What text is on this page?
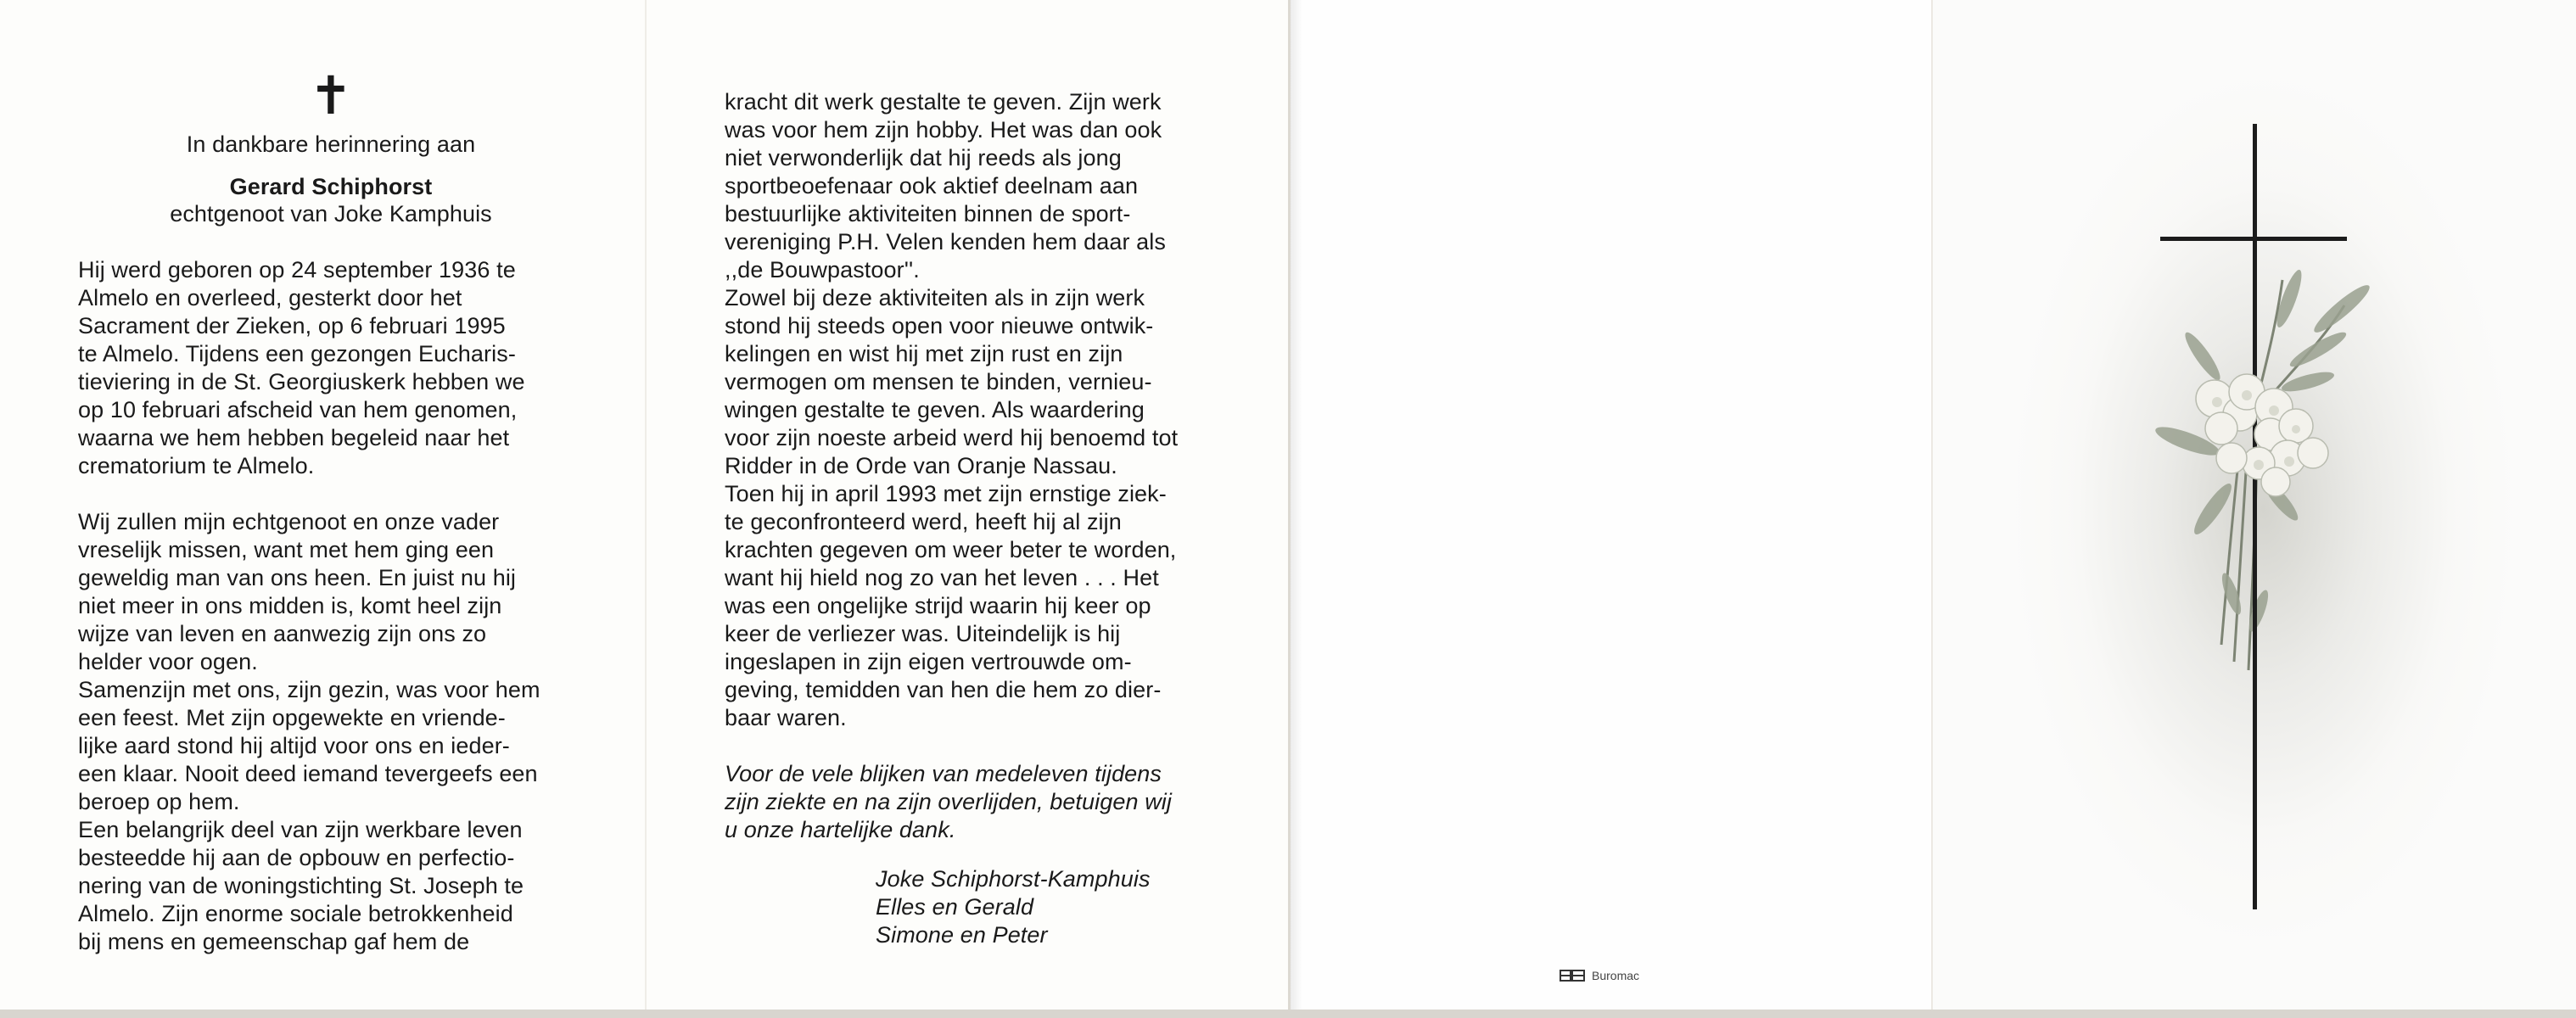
✝
In dankbare herinnering aan
Gerard Schiphorst
echtgenoot van Joke Kamphuis
Hij werd geboren op 24 september 1936 te
Almelo en overleed, gesterkt door het
Sacrament der Zieken, op 6 februari 1995
te Almelo. Tijdens een gezongen Eucharis-
tieviering in de St. Georgiuskerk hebben we
op 10 februari afscheid van hem genomen,
waarna we hem hebben begeleid naar het
crematorium te Almelo.
Wij zullen mijn echtgenoot en onze vader
vreselijk missen, want met hem ging een
geweldig man van ons heen. En juist nu hij
niet meer in ons midden is, komt heel zijn
wijze van leven en aanwezig zijn ons zo
helder voor ogen.
Samenzijn met ons, zijn gezin, was voor hem
een feest. Met zijn opgewekte en vriende-
lijke aard stond hij altijd voor ons en ieder-
een klaar. Nooit deed iemand tevergeefs een
beroep op hem.
Een belangrijk deel van zijn werkbare leven
besteedde hij aan de opbouw en perfectio-
nering van de woningstichting St. Joseph te
Almelo. Zijn enorme sociale betrokkenheid
bij mens en gemeenschap gaf hem de
kracht dit werk gestalte te geven. Zijn werk
was voor hem zijn hobby. Het was dan ook
niet verwonderlijk dat hij reeds als jong
sportbeoefenaar ook aktief deelnam aan
bestuurlijke aktiviteiten binnen de sport-
vereniging P.H. Velen kenden hem daar als
,,de Bouwpastoor''.
Zowel bij deze aktiviteiten als in zijn werk
stond hij steeds open voor nieuwe ontwik-
kelingen en wist hij met zijn rust en zijn
vermogen om mensen te binden, vernieu-
wingen gestalte te geven. Als waardering
voor zijn noeste arbeid werd hij benoemd tot
Ridder in de Orde van Oranje Nassau.
Toen hij in april 1993 met zijn ernstige ziek-
te geconfronteerd werd, heeft hij al zijn
krachten gegeven om weer beter te worden,
want hij hield nog zo van het leven . . . Het
was een ongelijke strijd waarin hij keer op
keer de verliezer was. Uiteindelijk is hij
ingeslapen in zijn eigen vertrouwde om-
geving, temidden van hen die hem zo dier-
baar waren.
Voor de vele blijken van medeleven tijdens
zijn ziekte en na zijn overlijden, betuigen wij
u onze hartelijke dank.
Joke Schiphorst-Kamphuis
Elles en Gerald
Simone en Peter
Buromac
